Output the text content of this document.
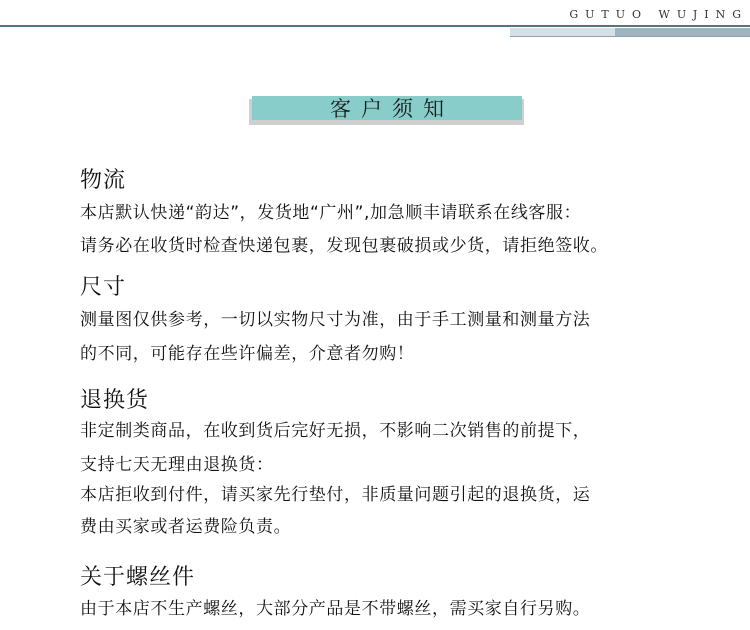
GUTUO WUJING
客户须知
物流
本店默认快递“韵达”，发货地“广州”,加急顺丰请联系在线客服：
请务必在收货时检查快递包裹，发现包裹破损或少货，请拒绝签收。
尺寸
测量图仅供参考，一切以实物尺寸为准，由于手工测量和测量方法
的不同，可能存在些许偏差，介意者勿购！
退换货
非定制类商品，在收到货后完好无损，不影响二次销售的前提下，
支持七天无理由退换货：
本店拒收到付件，请买家先行垫付，非质量问题引起的退换货，运
费由买家或者运费险负责。
关于螺丝件
由于本店不生产螺丝，大部分产品是不带螺丝，需买家自行另购。
